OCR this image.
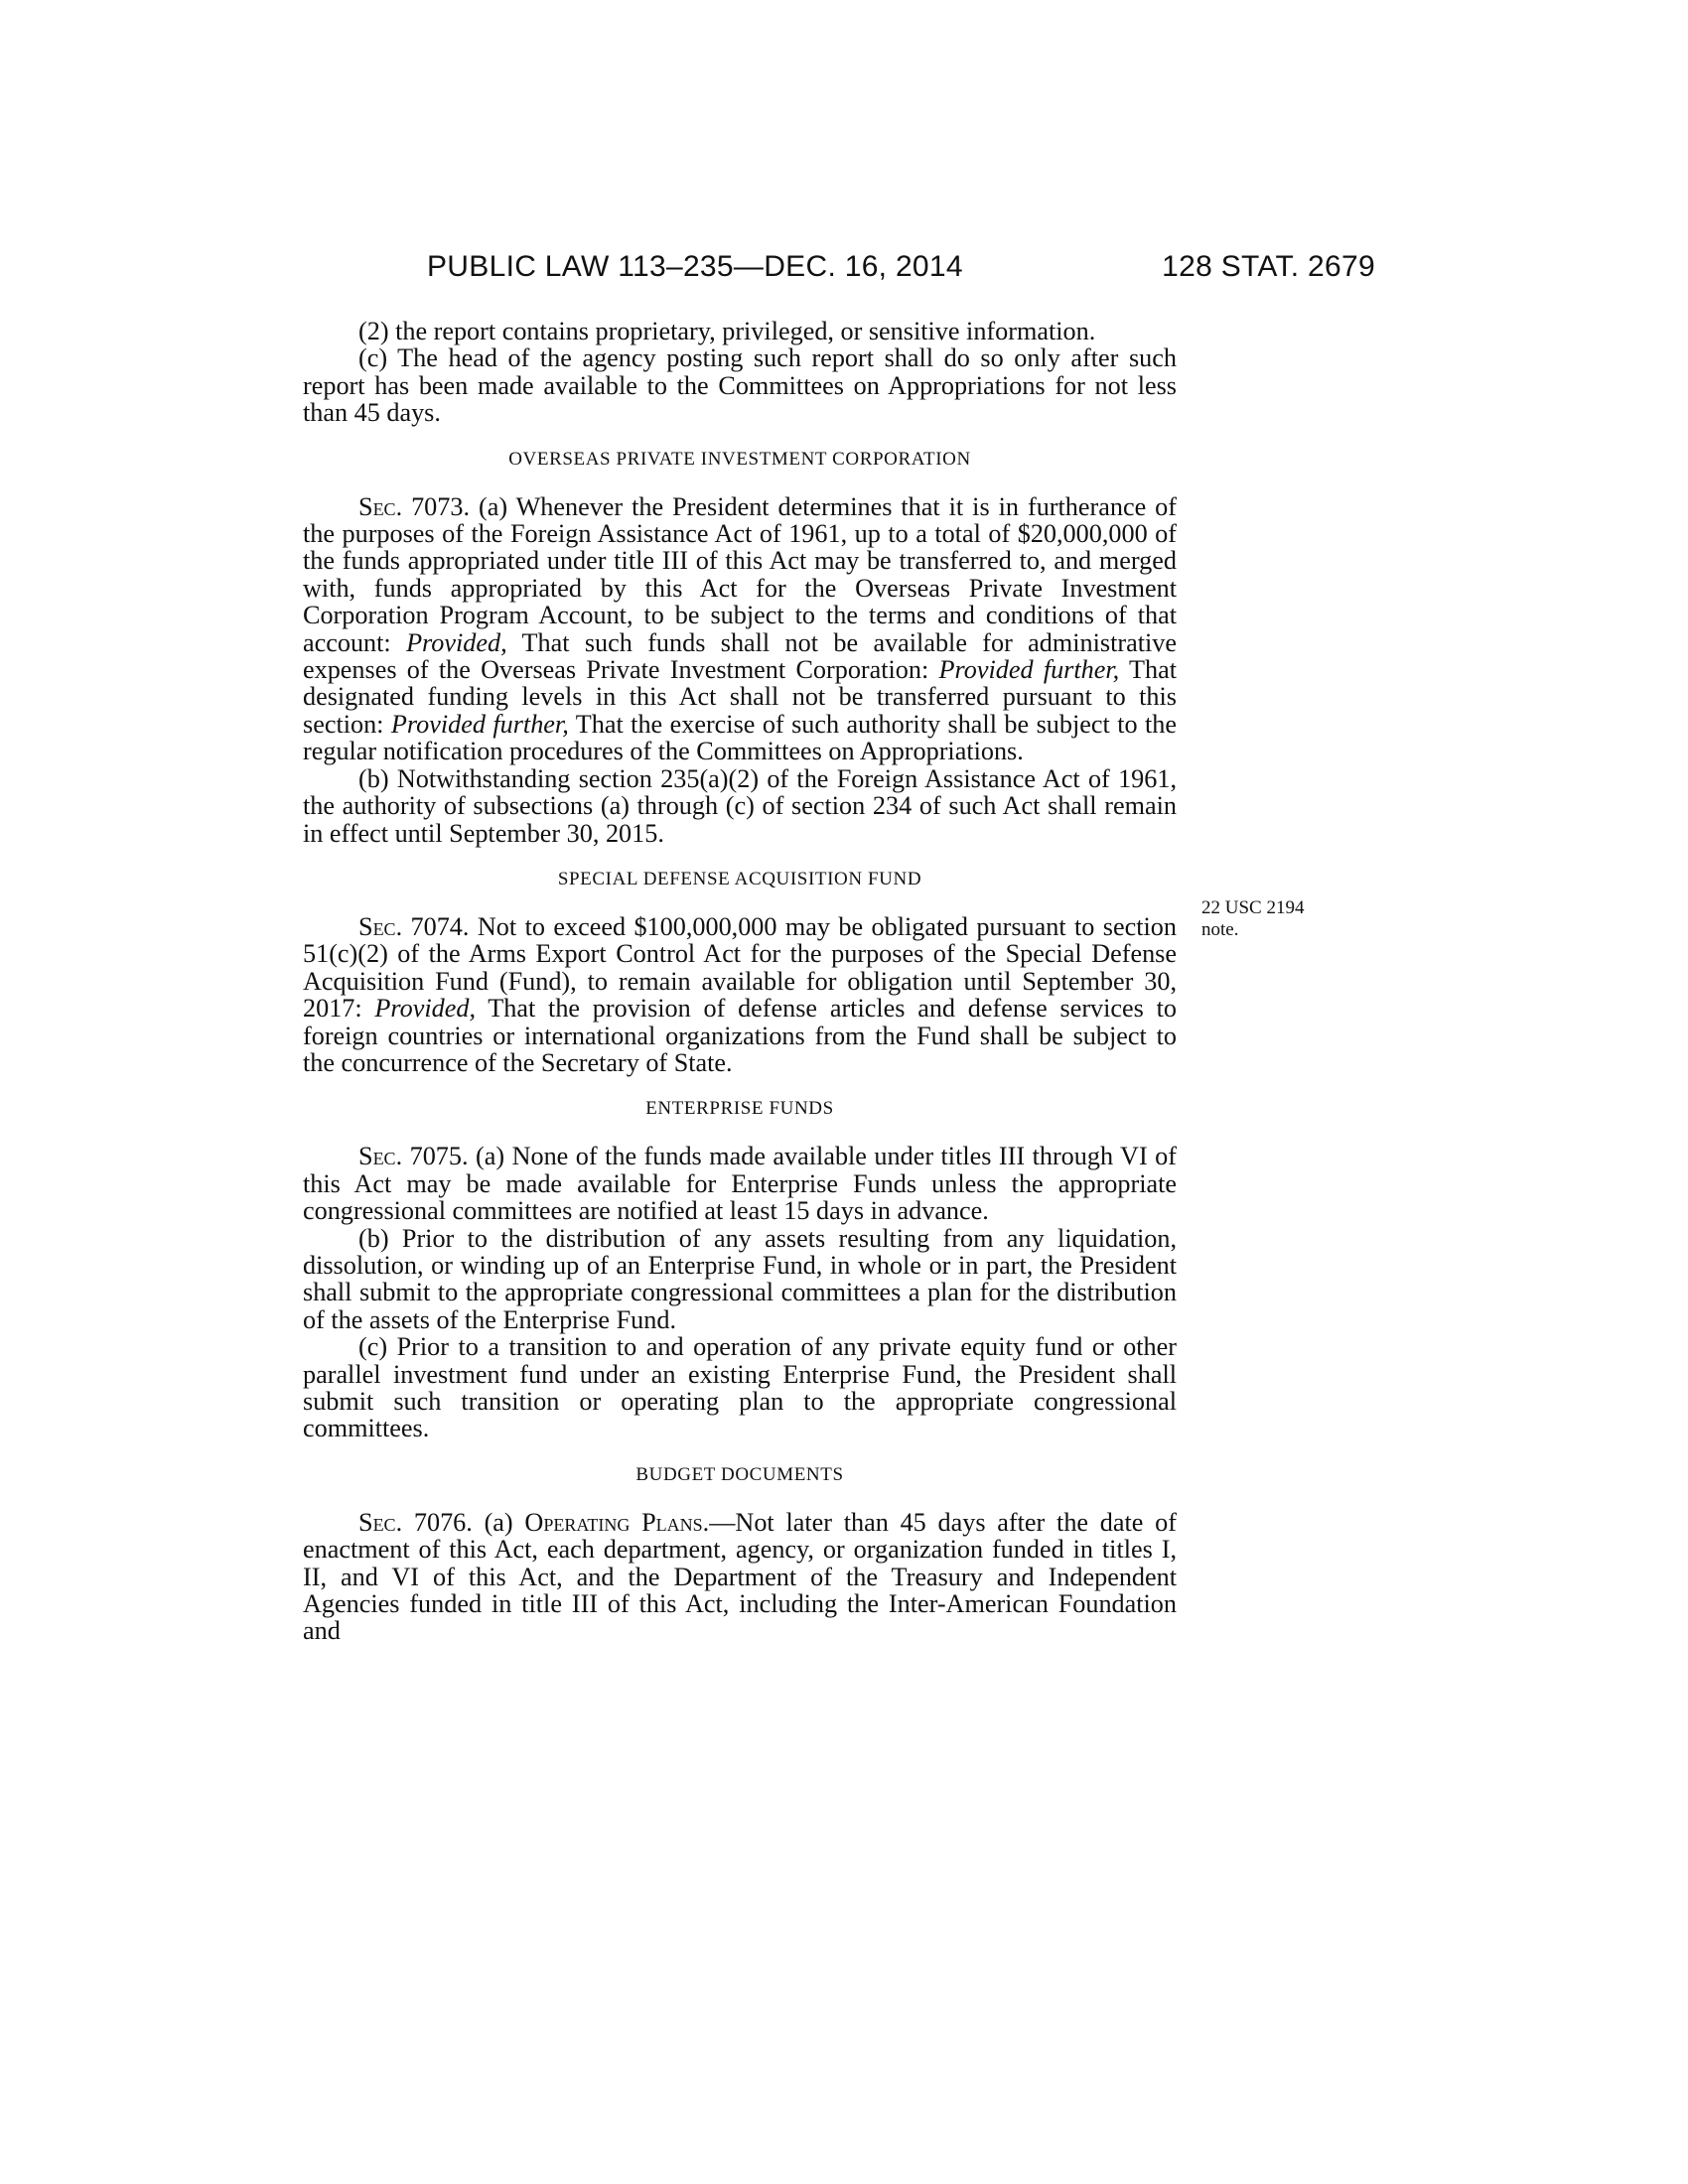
PUBLIC LAW 113–235—DEC. 16, 2014	128 STAT. 2679

(2) the report contains proprietary, privileged, or sensitive information.

(c) The head of the agency posting such report shall do so only after such report has been made available to the Committees on Appropriations for not less than 45 days.

OVERSEAS PRIVATE INVESTMENT CORPORATION

Sec. 7073. (a) Whenever the President determines that it is in furtherance of the purposes of the Foreign Assistance Act of 1961, up to a total of $20,000,000 of the funds appropriated under title III of this Act may be transferred to, and merged with, funds appropriated by this Act for the Overseas Private Investment Corporation Program Account, to be subject to the terms and conditions of that account: Provided, That such funds shall not be available for administrative expenses of the Overseas Private Investment Corporation: Provided further, That designated funding levels in this Act shall not be transferred pursuant to this section: Provided further, That the exercise of such authority shall be subject to the regular notification procedures of the Committees on Appropriations.

(b) Notwithstanding section 235(a)(2) of the Foreign Assistance Act of 1961, the authority of subsections (a) through (c) of section 234 of such Act shall remain in effect until September 30, 2015.

SPECIAL DEFENSE ACQUISITION FUND

Sec. 7074. Not to exceed $100,000,000 may be obligated pursuant to section 51(c)(2) of the Arms Export Control Act for the purposes of the Special Defense Acquisition Fund (Fund), to remain available for obligation until September 30, 2017: Provided, That the provision of defense articles and defense services to foreign countries or international organizations from the Fund shall be subject to the concurrence of the Secretary of State.

ENTERPRISE FUNDS

Sec. 7075. (a) None of the funds made available under titles III through VI of this Act may be made available for Enterprise Funds unless the appropriate congressional committees are notified at least 15 days in advance.

(b) Prior to the distribution of any assets resulting from any liquidation, dissolution, or winding up of an Enterprise Fund, in whole or in part, the President shall submit to the appropriate congressional committees a plan for the distribution of the assets of the Enterprise Fund.

(c) Prior to a transition to and operation of any private equity fund or other parallel investment fund under an existing Enterprise Fund, the President shall submit such transition or operating plan to the appropriate congressional committees.

BUDGET DOCUMENTS

Sec. 7076. (a) Operating Plans.—Not later than 45 days after the date of enactment of this Act, each department, agency, or organization funded in titles I, II, and VI of this Act, and the Department of the Treasury and Independent Agencies funded in title III of this Act, including the Inter-American Foundation and

22 USC 2194
note.
